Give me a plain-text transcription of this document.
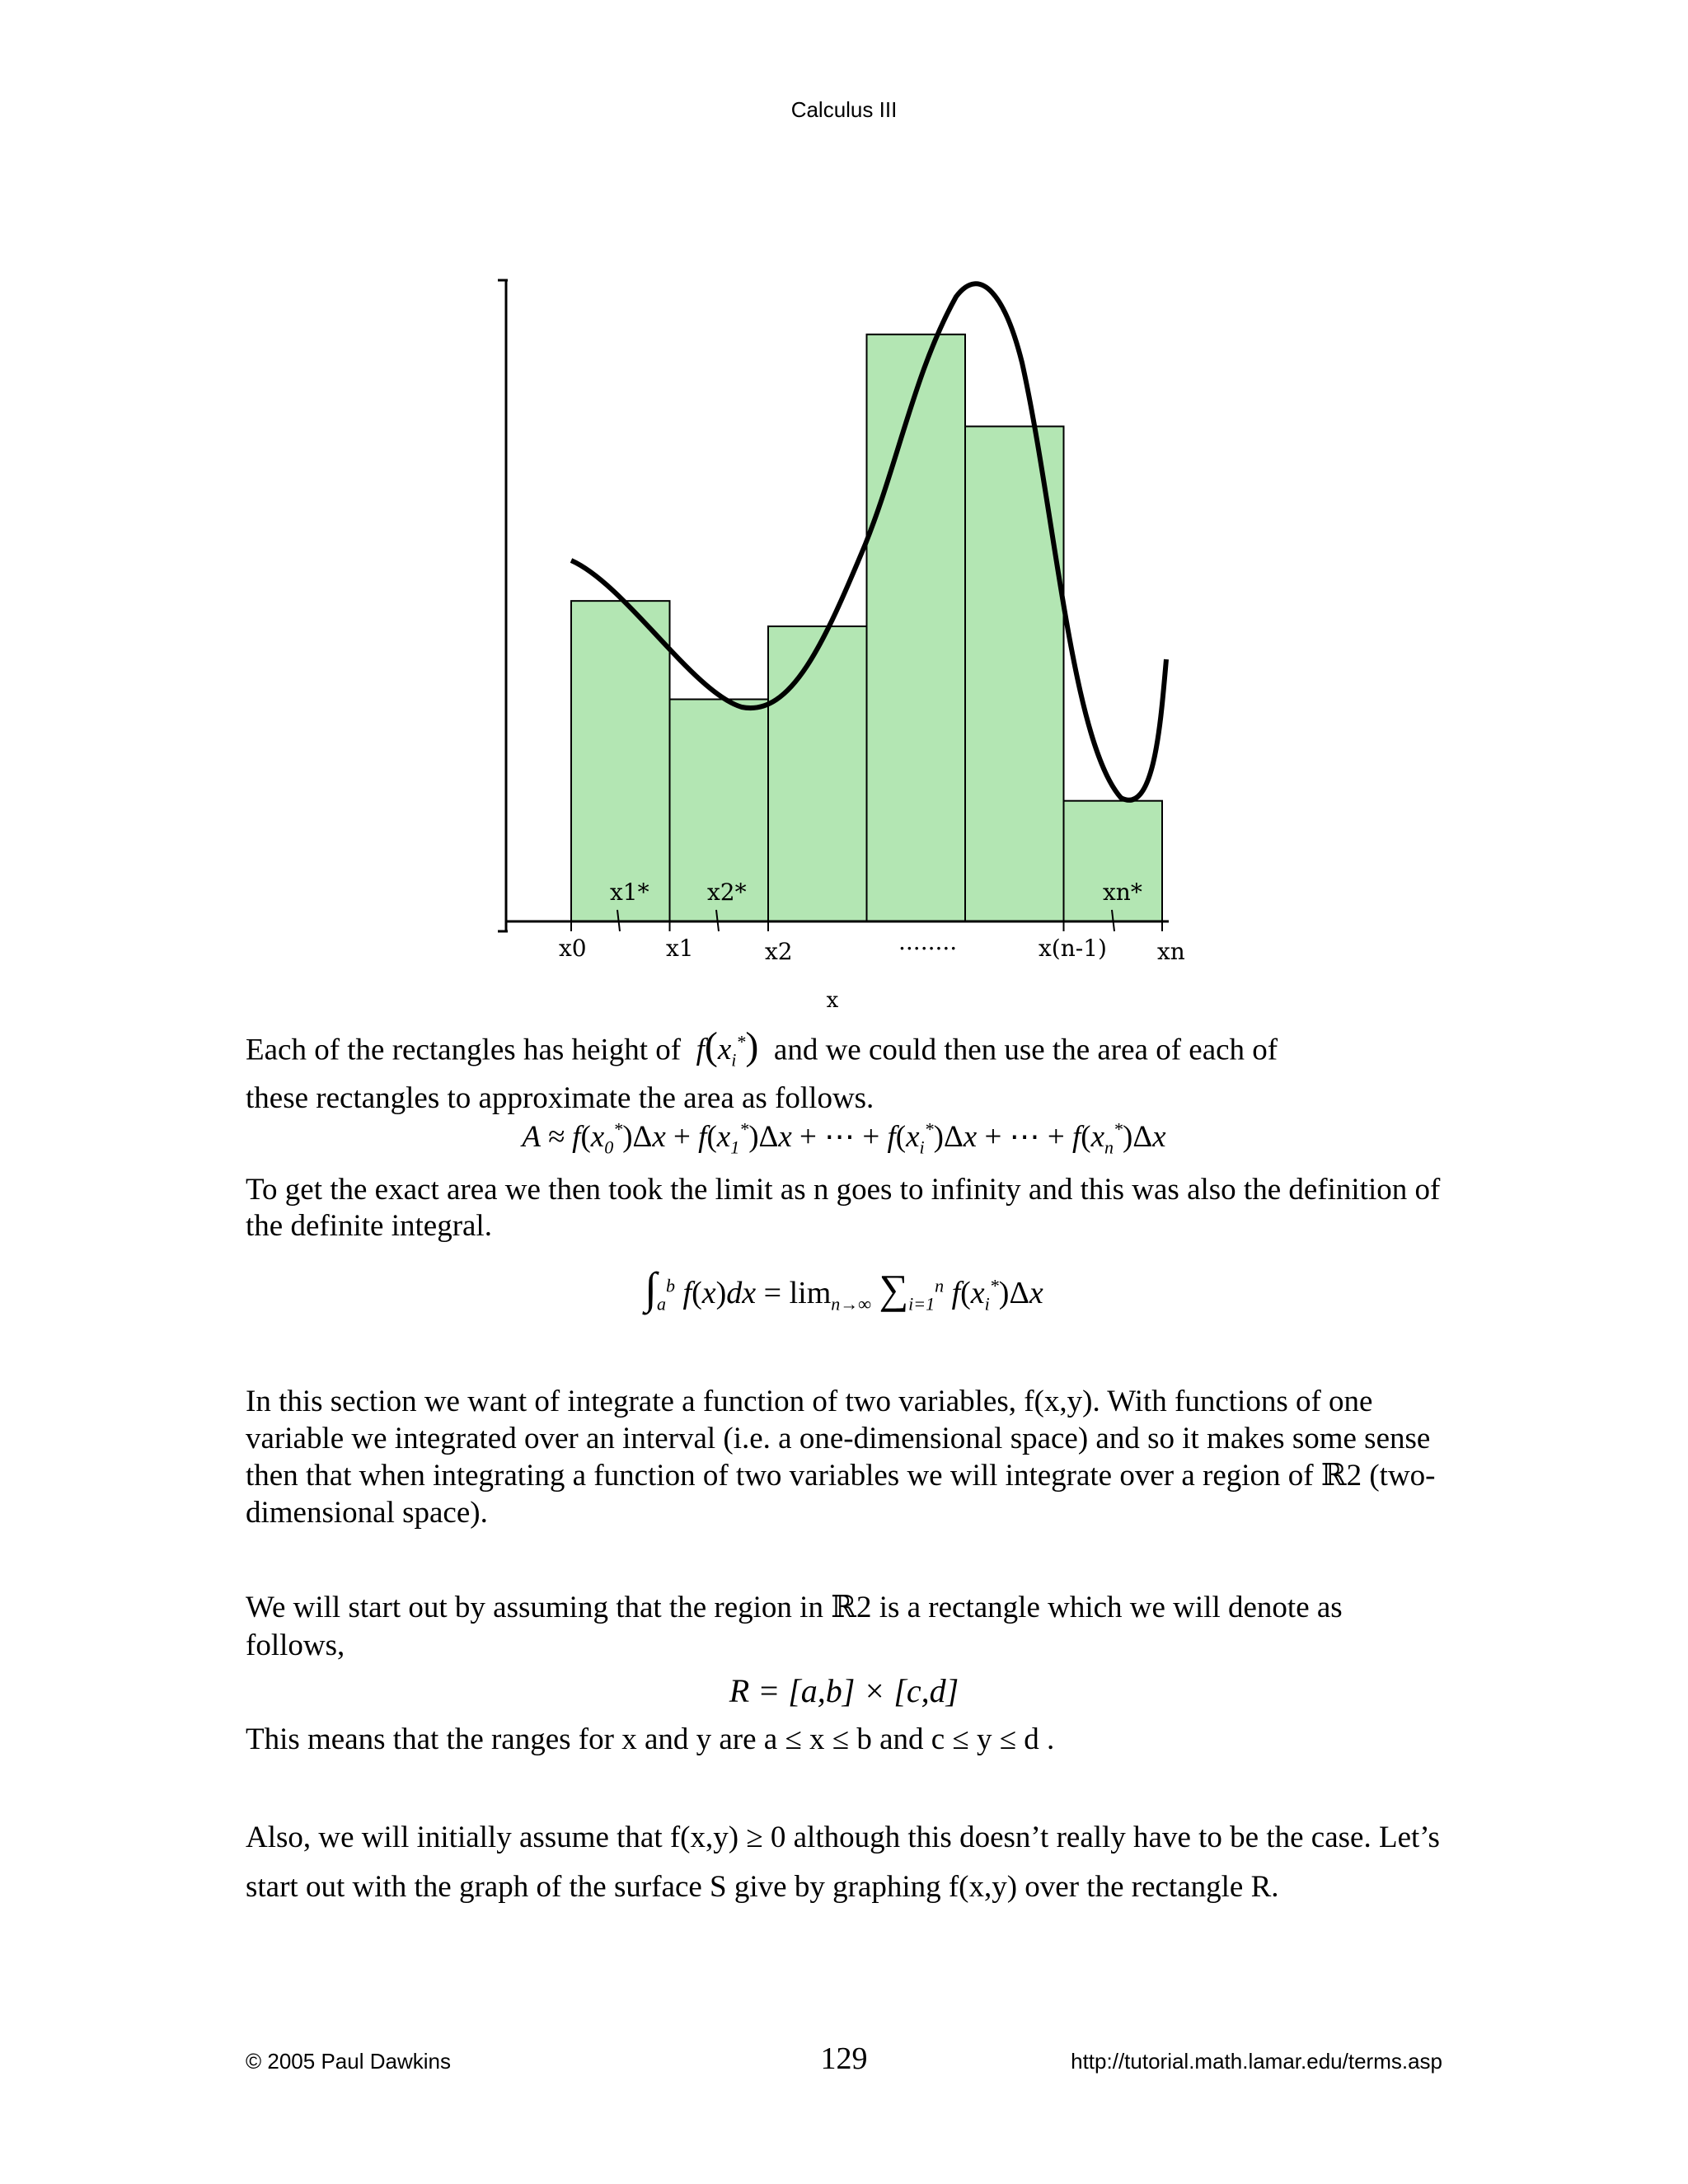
Calculus III
x0	x1	x2	x(n-1) xn
x1*	x2*	xn*
........
x
Each of the rectangles has height of  $f(x_i^*)$ and we could then use the area of each of
these rectangles to approximate the area as follows.
$A \approx f(x_0^*)\Delta x + f(x_1^*)\Delta x$ + ⋯ + $f(x_i^*)\Delta x$ + ⋯ + $f(x_n^*)\Delta x$
To get the exact area we then took the limit as n goes to infinity and this was also the definition of the definite integral.
$\int_a^b$ $f(x)dx = \lim_{n\to\infty} \sum_{i=1}^n$ $f(x_i^*)\Delta x$
In this section we want of integrate a function of two variables, f(x,y). With functions of one variable we integrated over an interval (i.e. a one-dimensional space) and so it makes some sense then that when integrating a function of two variables we will integrate over a region of ℝ2 (two-dimensional space).
We will start out by assuming that the region in ℝ2 is a rectangle which we will denote as follows,
R = [a,b] × [c,d]
This means that the ranges for x and y are a ≤ x ≤ b and c ≤ y ≤ d .
Also, we will initially assume that f(x,y) ≥ 0 although this doesn’t really have to be the case. Let’s start out with the graph of the surface S give by graphing f(x,y) over the rectangle R.
© 2005 Paul Dawkins	129	http://tutorial.math.lamar.edu/terms.asp
